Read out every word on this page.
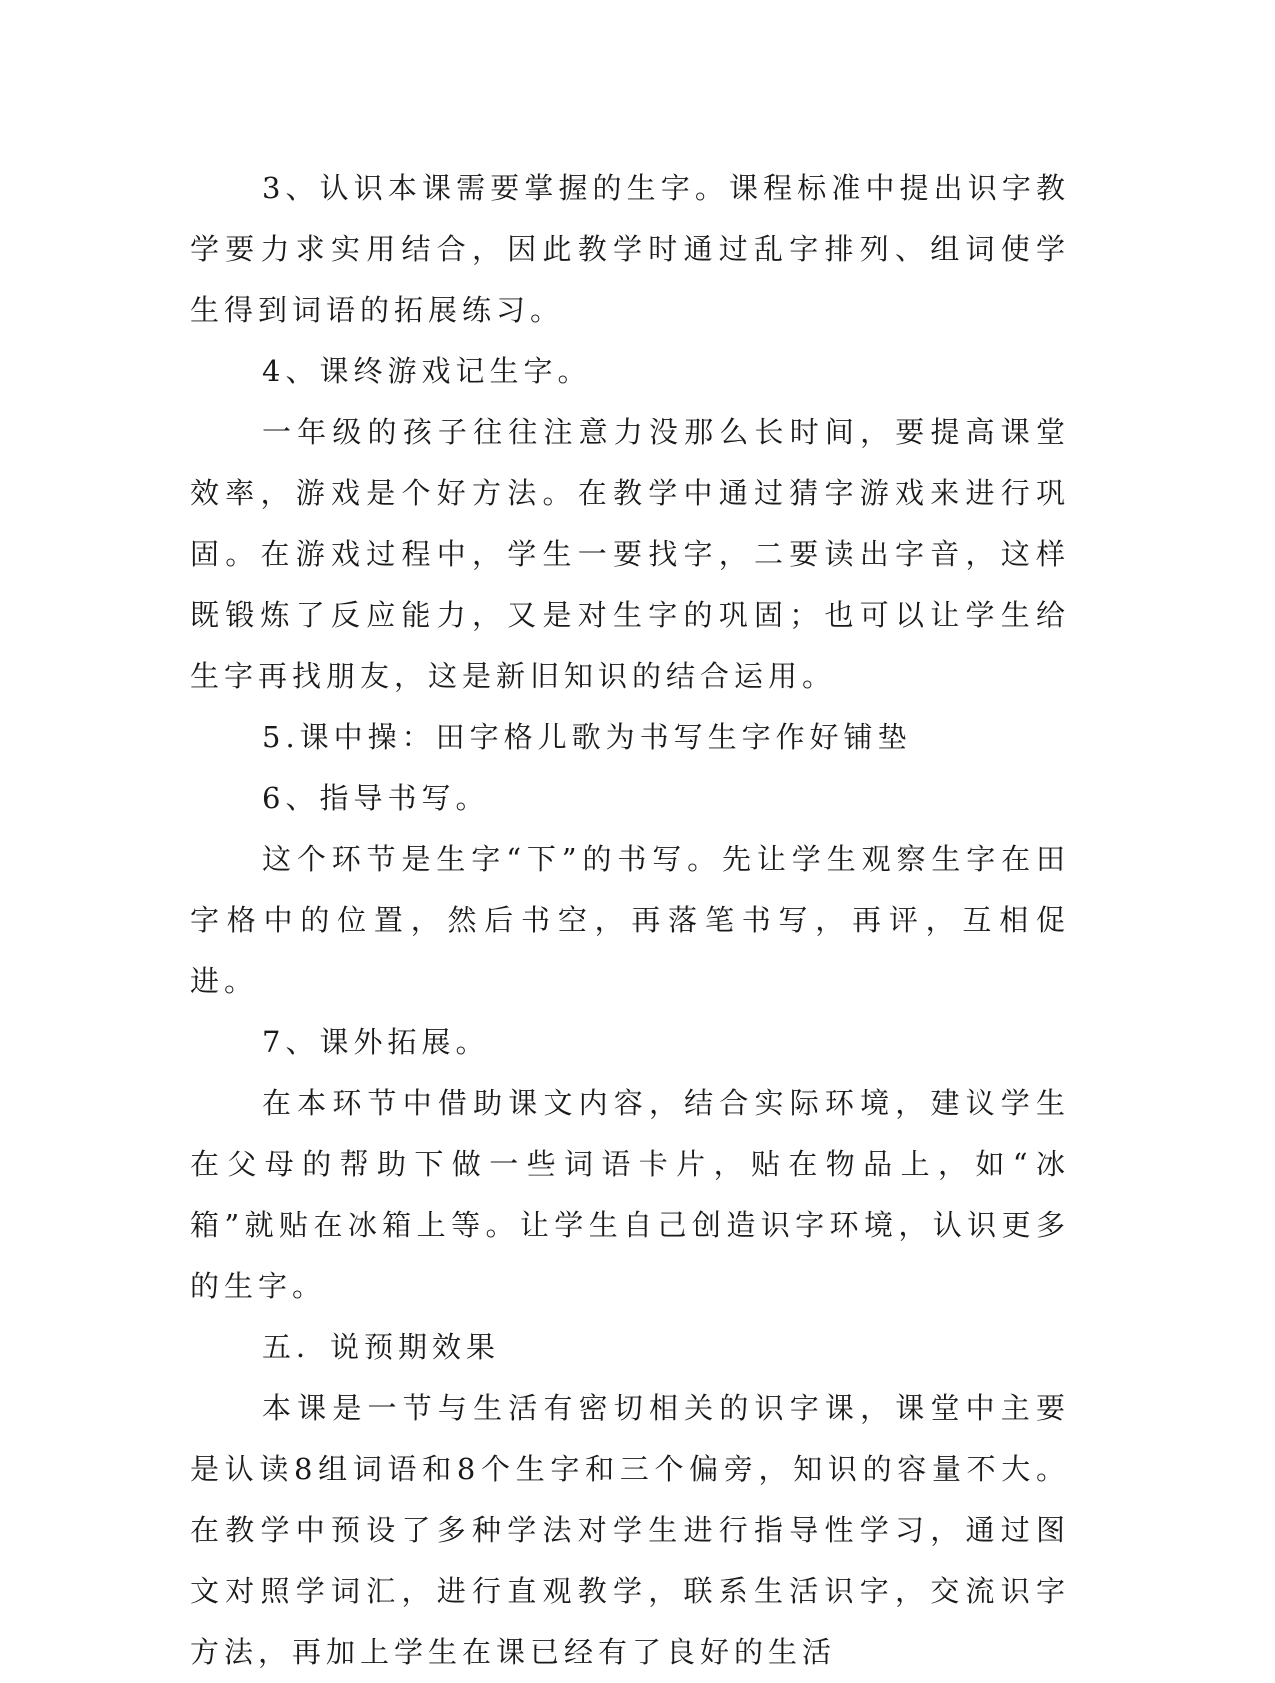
3、认识本课需要掌握的生字。课程标准中提出识字教学要力求实用结合，因此教学时通过乱字排列、组词使学生得到词语的拓展练习。

4、课终游戏记生字。

一年级的孩子往往注意力没那么长时间，要提高课堂效率，游戏是个好方法。在教学中通过猜字游戏来进行巩固。在游戏过程中，学生一要找字，二要读出字音，这样既锻炼了反应能力，又是对生字的巩固；也可以让学生给生字再找朋友，这是新旧知识的结合运用。

5.课中操：田字格儿歌为书写生字作好铺垫

6、指导书写。

这个环节是生字“下”的书写。先让学生观察生字在田字格中的位置，然后书空，再落笔书写，再评，互相促进。

7、课外拓展。

在本环节中借助课文内容，结合实际环境，建议学生在父母的帮助下做一些词语卡片，贴在物品上，如“冰箱”就贴在冰箱上等。让学生自己创造识字环境，认识更多的生字。

五．说预期效果

本课是一节与生活有密切相关的识字课，课堂中主要是认读8组词语和8个生字和三个偏旁，知识的容量不大。在教学中预设了多种学法对学生进行指导性学习，通过图文对照学词汇，进行直观教学，联系生活识字，交流识字方法，再加上学生在课已经有了良好的生活
